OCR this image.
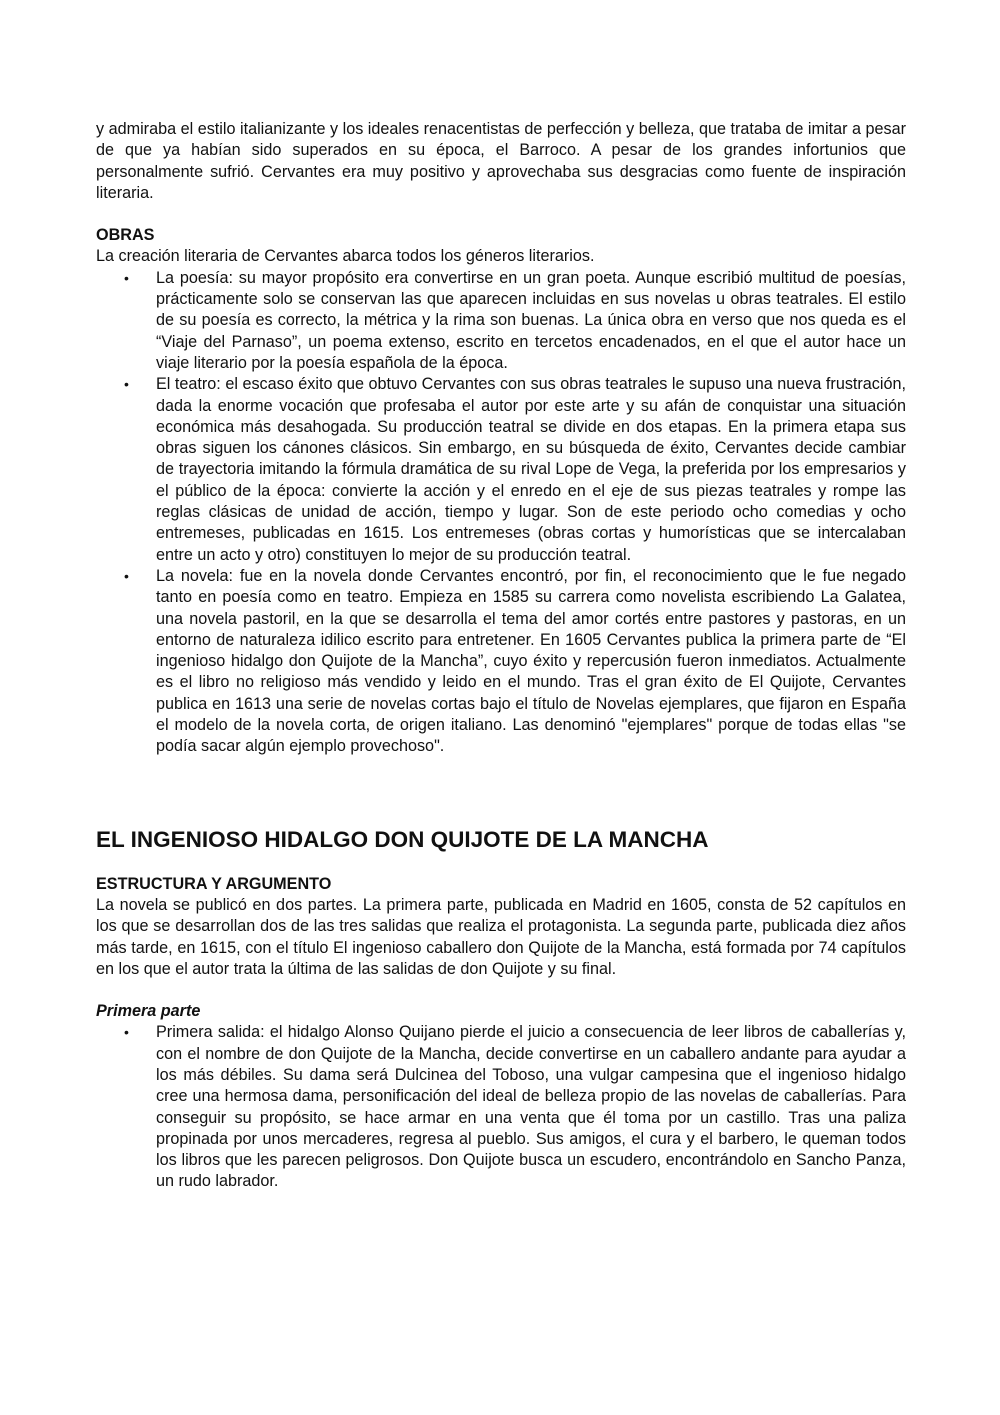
y admiraba el estilo italianizante y los ideales renacentistas de perfección y belleza, que trataba de imitar a pesar de que ya habían sido superados en su época, el Barroco. A pesar de los grandes infortunios que personalmente sufrió. Cervantes era muy positivo y aprovechaba sus desgracias como fuente de inspiración literaria.

OBRAS

La creación literaria de Cervantes abarca todos los géneros literarios.

• La poesía: su mayor propósito era convertirse en un gran poeta. Aunque escribió multitud de poesías, prácticamente solo se conservan las que aparecen incluidas en sus novelas u obras teatrales. El estilo de su poesía es correcto, la métrica y la rima son buenas. La única obra en verso que nos queda es el “Viaje del Parnaso”, un poema extenso, escrito en tercetos encadenados, en el que el autor hace un viaje literario por la poesía española de la época.
• El teatro: el escaso éxito que obtuvo Cervantes con sus obras teatrales le supuso una nueva frustración, dada la enorme vocación que profesaba el autor por este arte y su afán de conquistar una situación económica más desahogada. Su producción teatral se divide en dos etapas. En la primera etapa sus obras siguen los cánones clásicos. Sin embargo, en su búsqueda de éxito, Cervantes decide cambiar de trayectoria imitando la fórmula dramática de su rival Lope de Vega, la preferida por los empresarios y el público de la época: convierte la acción y el enredo en el eje de sus piezas teatrales y rompe las reglas clásicas de unidad de acción, tiempo y lugar. Son de este periodo ocho comedias y ocho entremeses, publicadas en 1615. Los entremeses (obras cortas y humorísticas que se intercalaban entre un acto y otro) constituyen lo mejor de su producción teatral.
• La novela: fue en la novela donde Cervantes encontró, por fin, el reconocimiento que le fue negado tanto en poesía como en teatro. Empieza en 1585 su carrera como novelista escribiendo La Galatea, una novela pastoril, en la que se desarrolla el tema del amor cortés entre pastores y pastoras, en un entorno de naturaleza idilico escrito para entretener. En 1605 Cervantes publica la primera parte de “El ingenioso hidalgo don Quijote de la Mancha”, cuyo éxito y repercusión fueron inmediatos. Actualmente es el libro no religioso más vendido y leido en el mundo. Tras el gran éxito de El Quijote, Cervantes publica en 1613 una serie de novelas cortas bajo el título de Novelas ejemplares, que fijaron en España el modelo de la novela corta, de origen italiano. Las denominó "ejemplares" porque de todas ellas "se podía sacar algún ejemplo provechoso".
EL INGENIOSO HIDALGO DON QUIJOTE DE LA MANCHA

ESTRUCTURA Y ARGUMENTO

La novela se publicó en dos partes. La primera parte, publicada en Madrid en 1605, consta de 52 capítulos en los que se desarrollan dos de las tres salidas que realiza el protagonista. La segunda parte, publicada diez años más tarde, en 1615, con el título El ingenioso caballero don Quijote de la Mancha, está formada por 74 capítulos en los que el autor trata la última de las salidas de don Quijote y su final.

Primera parte

• Primera salida: el hidalgo Alonso Quijano pierde el juicio a consecuencia de leer libros de caballerías y, con el nombre de don Quijote de la Mancha, decide convertirse en un caballero andante para ayudar a los más débiles. Su dama será Dulcinea del Toboso, una vulgar campesina que el ingenioso hidalgo cree una hermosa dama, personificación del ideal de belleza propio de las novelas de caballerías. Para conseguir su propósito, se hace armar en una venta que él toma por un castillo. Tras una paliza propinada por unos mercaderes, regresa al pueblo. Sus amigos, el cura y el barbero, le queman todos los libros que les parecen peligrosos. Don Quijote busca un escudero, encontrándolo en Sancho Panza, un rudo labrador.
